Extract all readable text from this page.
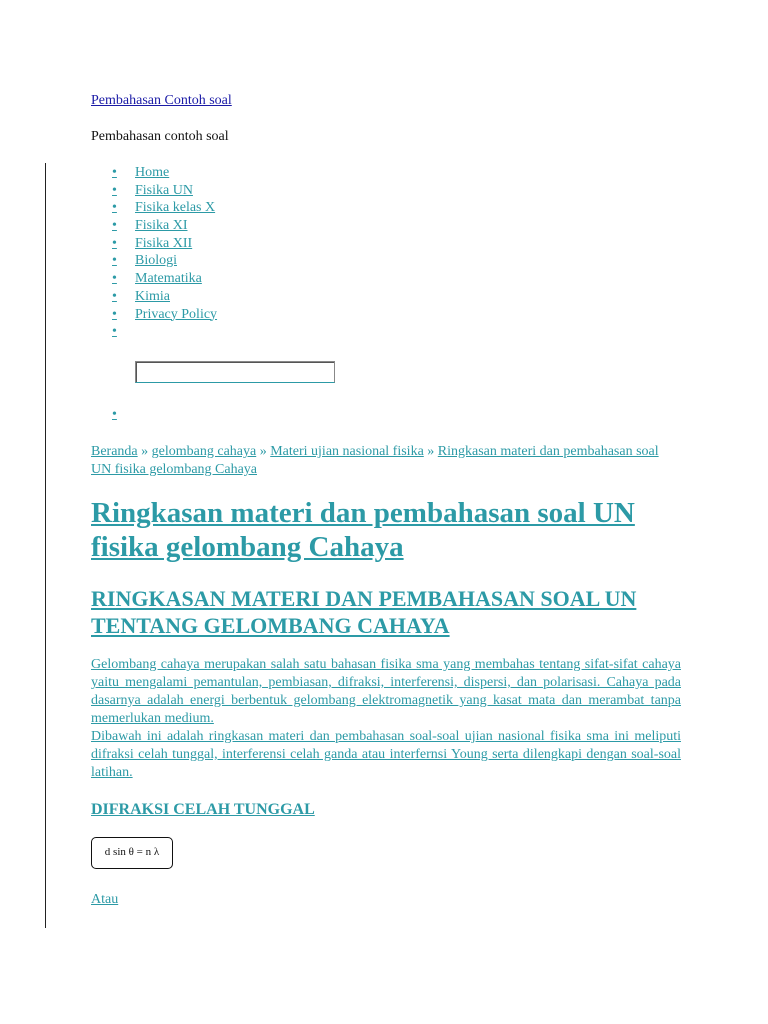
Pembahasan Contoh soal
Pembahasan contoh soal
• Home
• Fisika UN
• Fisika kelas X
• Fisika XI
• Fisika XII
• Biologi
• Matematika
• Kimia
• Privacy Policy
•
•
Beranda » gelombang cahaya » Materi ujian nasional fisika » Ringkasan materi dan pembahasan soal UN fisika gelombang Cahaya
Ringkasan materi dan pembahasan soal UN fisika gelombang Cahaya
RINGKASAN MATERI DAN PEMBAHASAN SOAL UN TENTANG GELOMBANG CAHAYA

Gelombang cahaya merupakan salah satu bahasan fisika sma yang membahas tentang sifat-sifat cahaya yaitu mengalami pemantulan, pembiasan, difraksi, interferensi, dispersi, dan polarisasi. Cahaya pada dasarnya adalah energi berbentuk gelombang elektromagnetik yang kasat mata dan merambat tanpa memerlukan medium.

Dibawah ini adalah ringkasan materi dan pembahasan soal-soal ujian nasional fisika sma ini meliputi difraksi celah tunggal, interferensi celah ganda atau interfernsi Young serta dilengkapi dengan soal-soal latihan.

DIFRAKSI CELAH TUNGGAL
d sin θ = n λ
Atau
